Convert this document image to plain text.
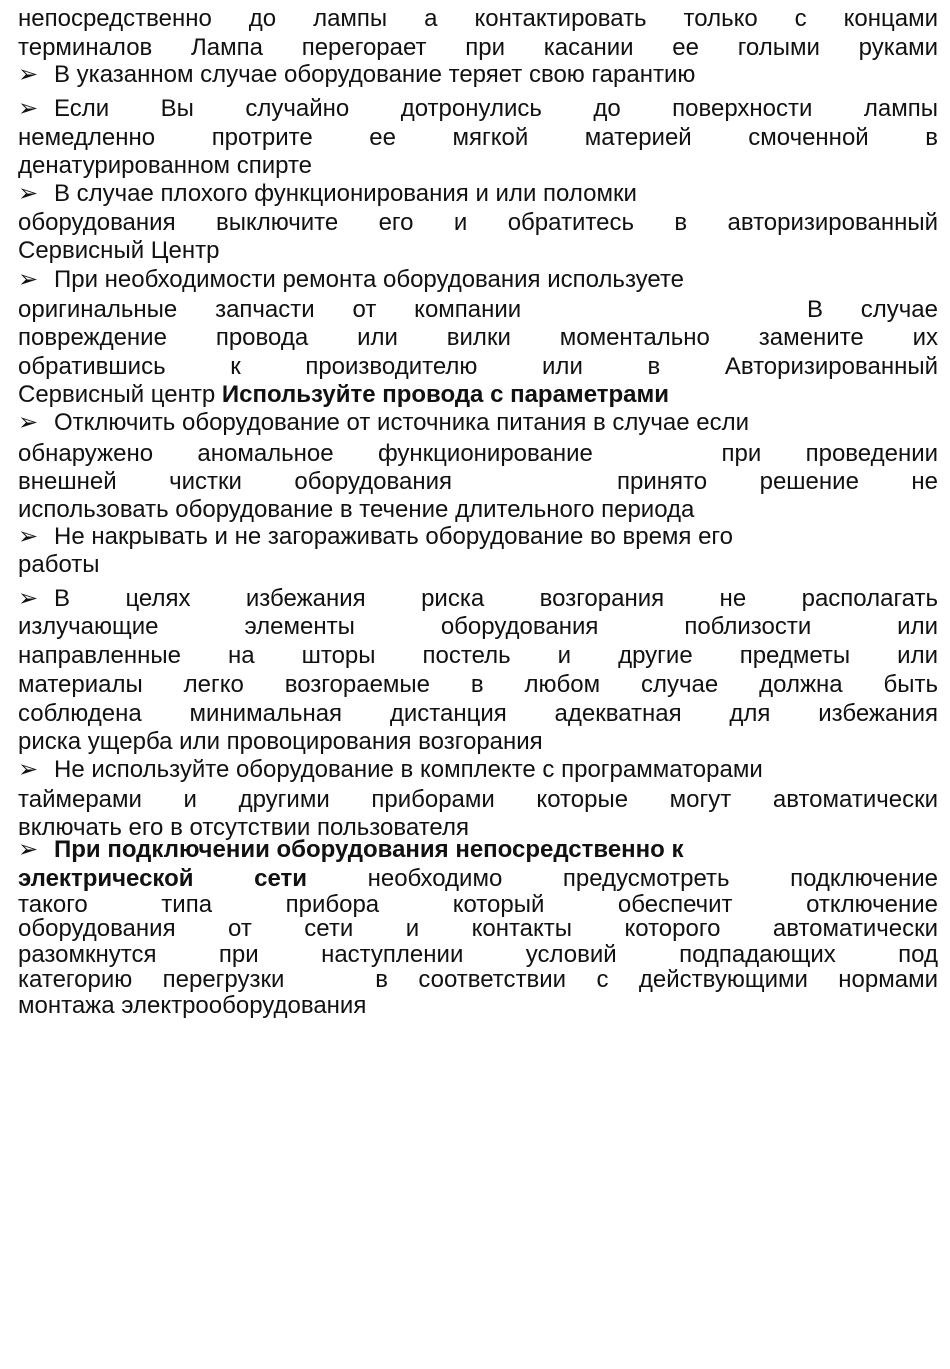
непосредственно до лампы а контактировать только с концами
терминалов Лампа перегорает при касании ее голыми руками
➢ В указанном случае оборудование теряет свою гарантию
➢ Если Вы случайно дотронулись до поверхности лампы
немедленно протрите ее мягкой материей смоченной в
денатурированном спирте
➢ В случае плохого функционирования и или поломки
оборудования выключите его и обратитесь в авторизированный
Сервисный Центр
➢ При необходимости ремонта оборудования используете
оригинальные запчасти от компании	В случае
повреждение провода или вилки моментально замените их
обратившись к производителю или в Авторизированный
Сервисный центр Используйте провода с параметрами
➢ Отключить оборудование от источника питания в случае если
обнаружено аномальное функционирование	при проведении
внешней чистки оборудования	принято решение не
использовать оборудование в течение длительного периода
➢ Не накрывать и не загораживать оборудование во время его
работы
➢ В целях избежания риска возгорания не располагать
излучающие элементы оборудования поблизости или
направленные на шторы постель и другие предметы или
материалы легко возгораемые в любом случае должна быть
соблюдена минимальная дистанция адекватная для избежания
риска ущерба или провоцирования возгорания
➢ Не используйте оборудование в комплекте с программаторами
таймерами и другими приборами которые могут автоматически
включать его в отсутствии пользователя
➢ При подключении оборудования непосредственно к
электрической сети необходимо предусмотреть подключение
такого типа прибора который обеспечит отключение
оборудования от сети и контакты которого автоматически
разомкнутся при наступлении условий подпадающих под
категорию перегрузки	в соответствии с действующими нормами
монтажа электрооборудования
